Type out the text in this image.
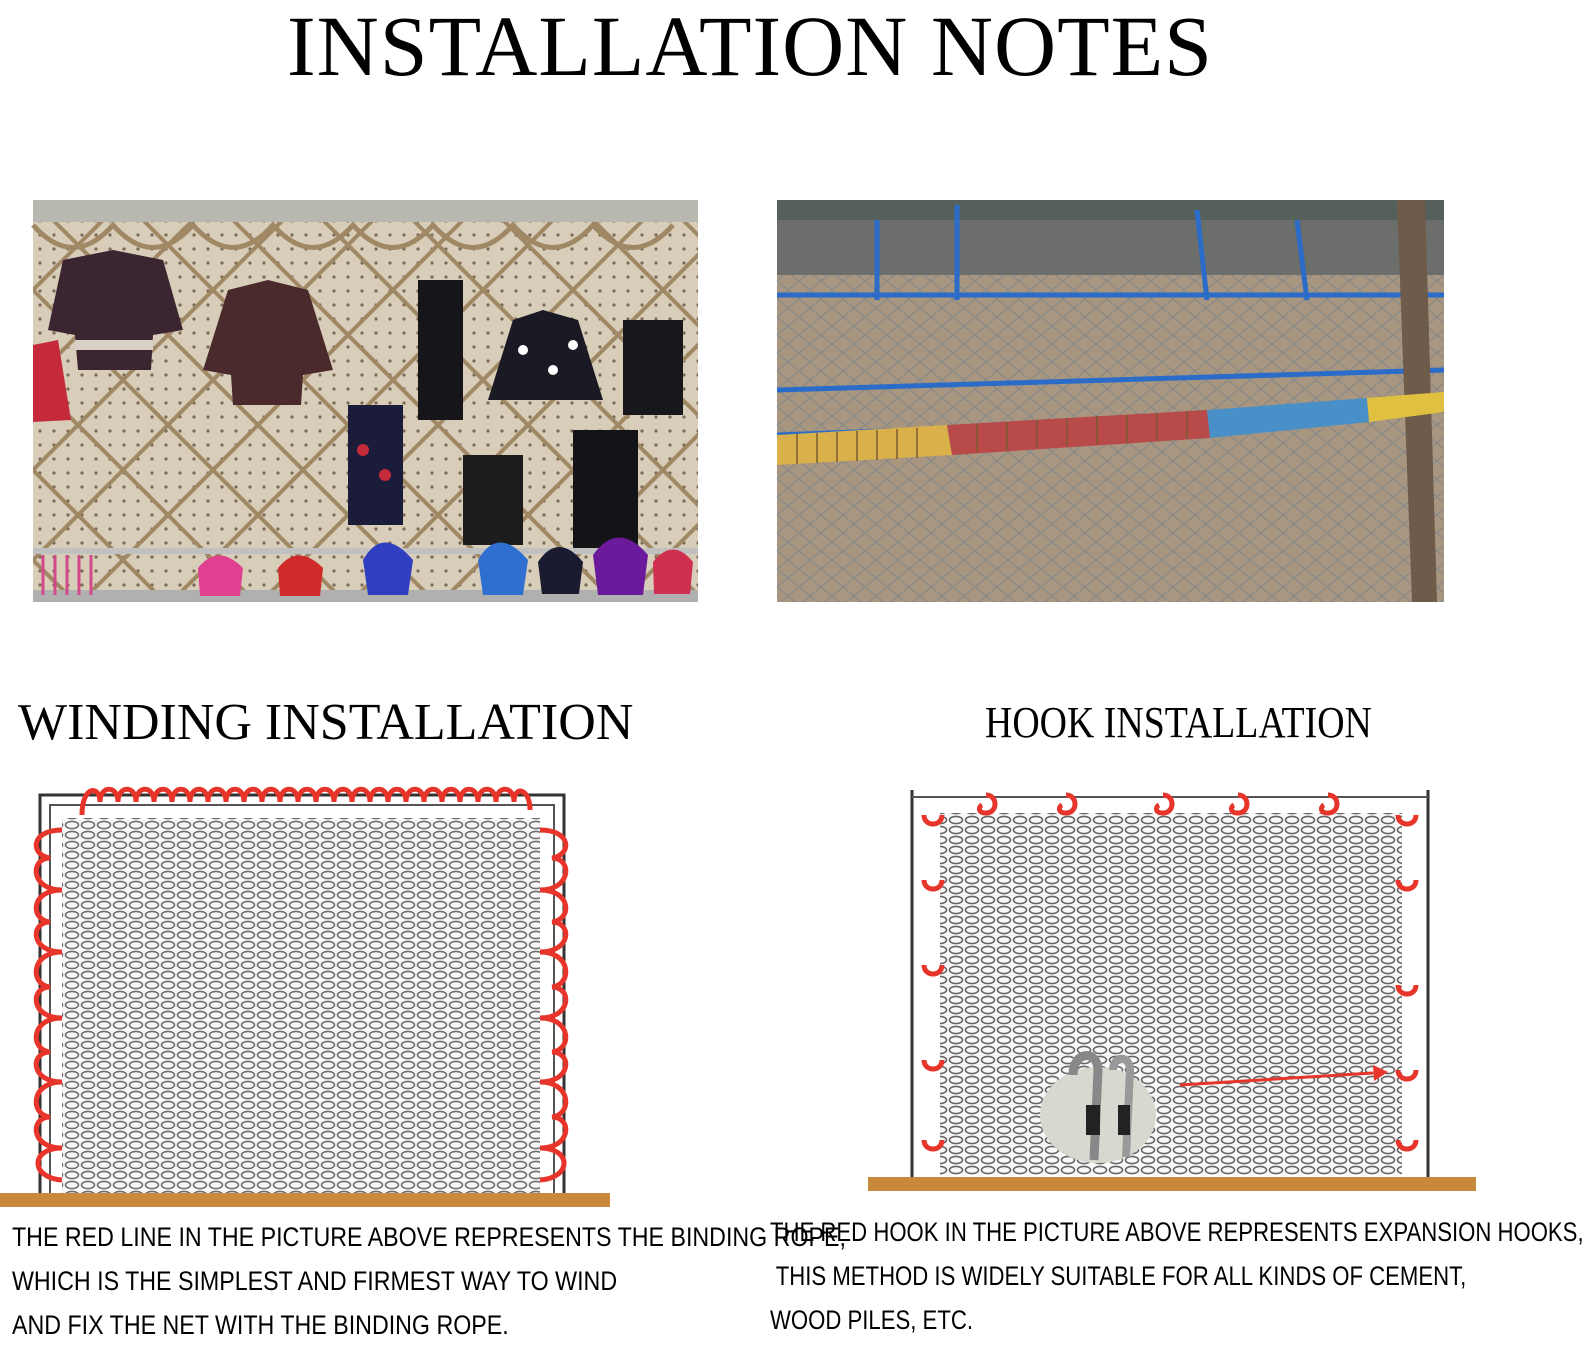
INSTALLATION NOTES
WINDING INSTALLATION	HOOK INSTALLATION
THE RED LINE IN THE PICTURE ABOVE REPRESENTS THE BINDING ROPE,
WHICH IS THE SIMPLEST AND FIRMEST WAY TO WIND
AND FIX THE NET WITH THE BINDING ROPE.
THE RED HOOK IN THE PICTURE ABOVE REPRESENTS EXPANSION HOOKS,
THIS METHOD IS WIDELY SUITABLE FOR ALL KINDS OF CEMENT,
WOOD PILES, ETC.
